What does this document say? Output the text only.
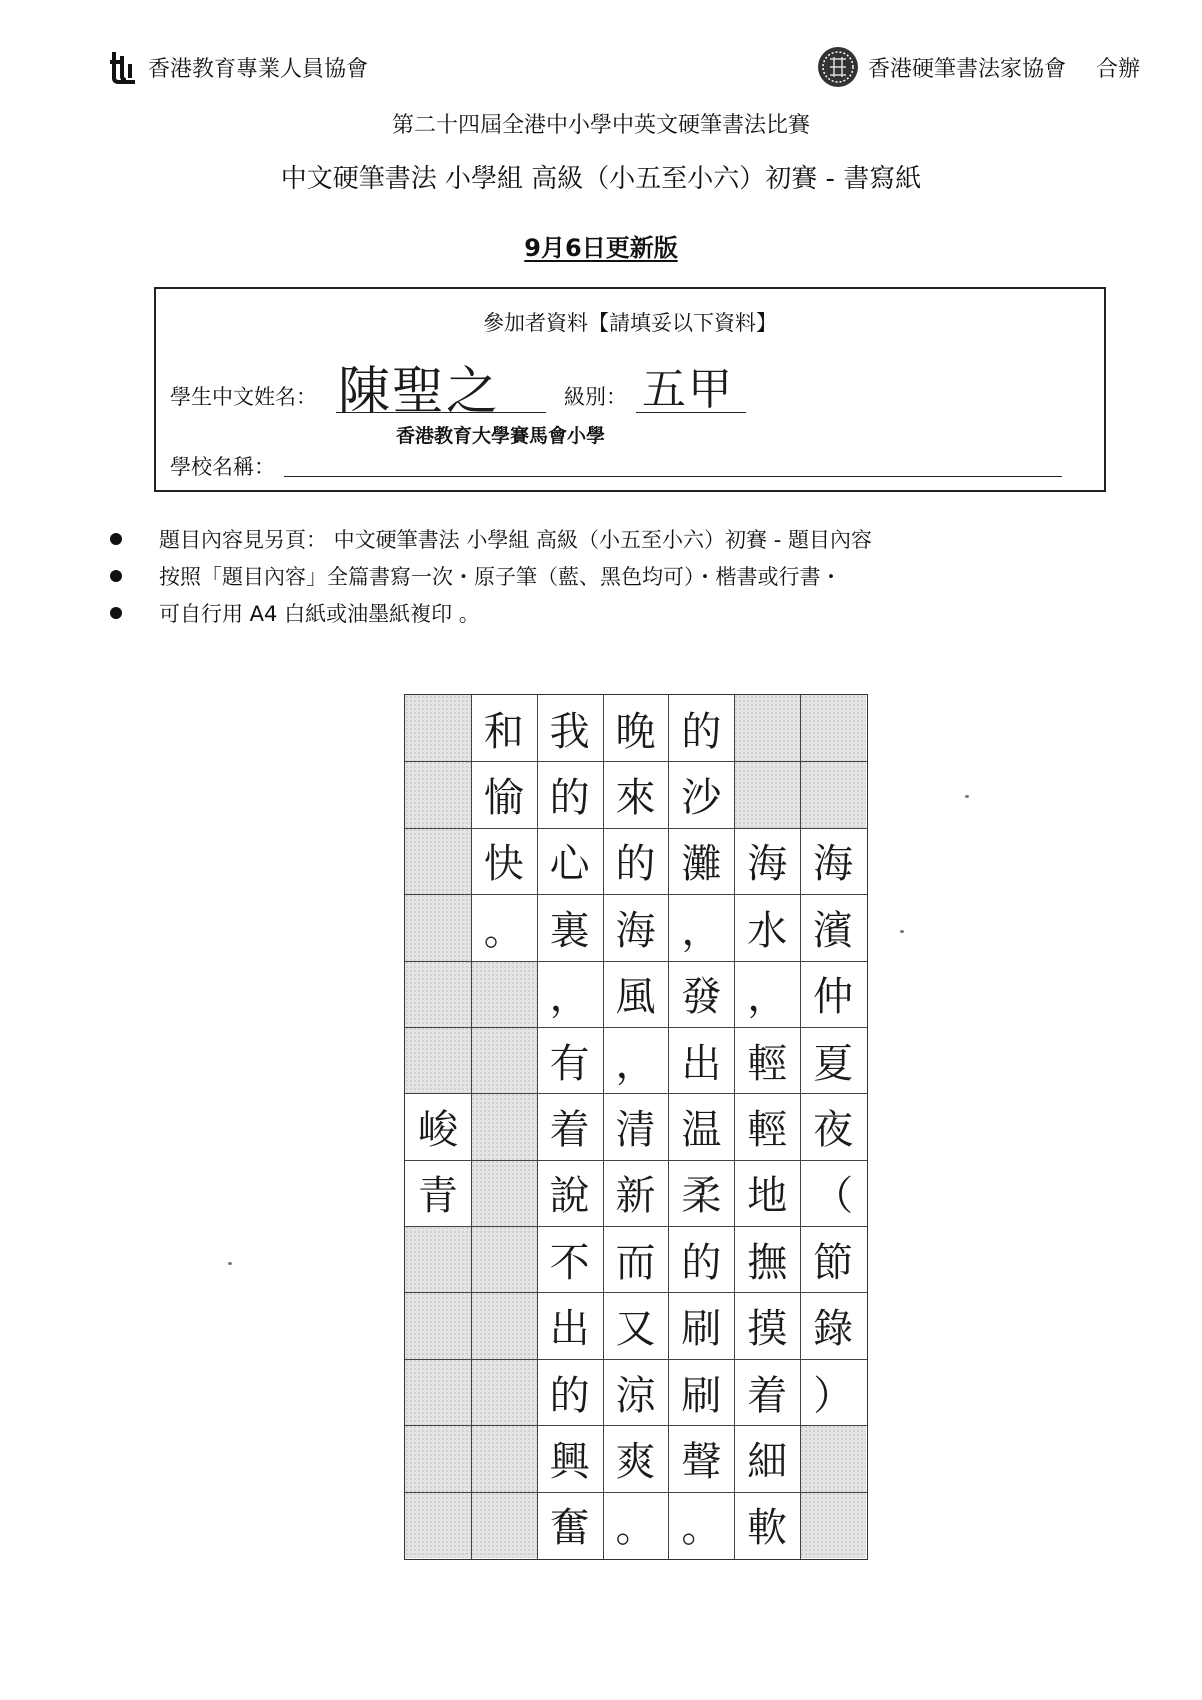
香港教育專業人員協會	香港硬筆書法家協會 合辦
第二十四屆全港中小學中英文硬筆書法比賽
中文硬筆書法 小學組 高級（小五至小六）初賽 - 書寫紙
9月6日更新版
參加者資料【請填妥以下資料】
學生中文姓名： 陳聖之	級別： 五甲
香港教育大學賽馬會小學
學校名稱：
題目內容見另頁： 中文硬筆書法 小學組 高級（小五至小六）初賽 - 題目內容
按照「題目內容」全篇書寫一次・原子筆（藍、黑色均可）・楷書或行書・
可自行用 A4 白紙或油墨紙複印 。
海
濱
仲
夏
夜
（
節
錄
）
海
水
，
輕
輕
地
撫
摸
着
細
軟
的
沙
灘
，
發
出
温
柔
的
刷
刷
聲
。
晚
來
的
海
風
，
清
新
而
又
涼
爽
。
我
的
心
裏
，
有
着
說
不
出
的
興
奮
和
愉
快
。
峻
青
